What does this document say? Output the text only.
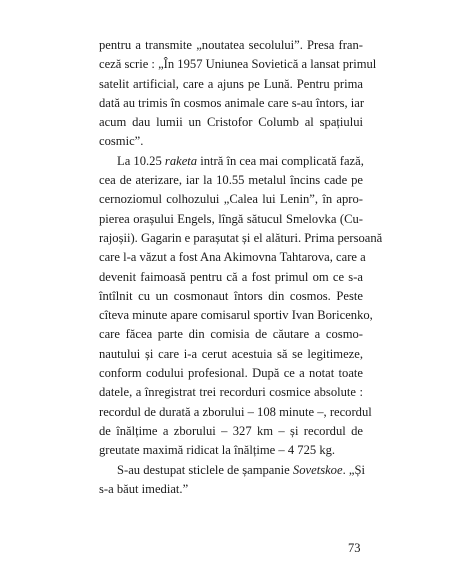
pentru a transmite „noutatea secolului”. Presa fran-
ceză scrie : „În 1957 Uniunea Sovietică a lansat primul
satelit artificial, care a ajuns pe Lună. Pentru prima
dată au trimis în cosmos animale care s-au întors, iar
acum dau lumii un Cristofor Columb al spațiului
cosmic”.
La 10.25 raketa intră în cea mai complicată fază,
cea de aterizare, iar la 10.55 metalul încins cade pe
cernoziomul colhozului „Calea lui Lenin”, în apro-
pierea orașului Engels, lîngă sătucul Smelovka (Cu-
rajoșii). Gagarin e parașutat și el alături. Prima persoană
care l-a văzut a fost Ana Akimovna Tahtarova, care a
devenit faimoasă pentru că a fost primul om ce s-a
întîlnit cu un cosmonaut întors din cosmos. Peste
cîteva minute apare comisarul sportiv Ivan Boricenko,
care făcea parte din comisia de căutare a cosmo-
nautului și care i-a cerut acestuia să se legitimeze,
conform codului profesional. După ce a notat toate
datele, a înregistrat trei recorduri cosmice absolute :
recordul de durată a zborului – 108 minute –, recordul
de înălțime a zborului – 327 km – și recordul de
greutate maximă ridicat la înălțime – 4 725 kg.
S-au destupat sticlele de șampanie Sovetskoe. „Și
s-a băut imediat.”
73
